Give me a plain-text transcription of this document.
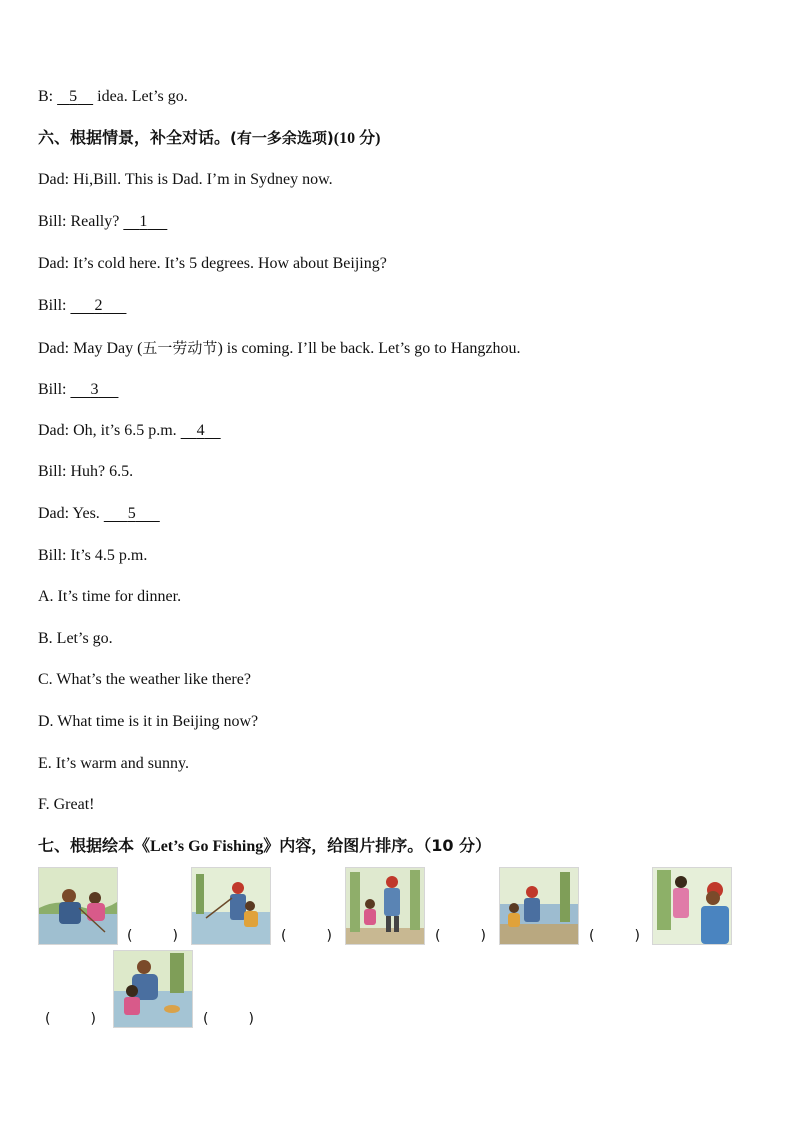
B: 5     idea. Let’s go.
六、根据情景，补全对话。(有一多余选项)(10 分)
Dad: Hi,Bill. This is Dad. I’m in Sydney now.
Bill: Really? 1
Dad: It’s cold here. It’s 5 degrees. How about Beijing?
Bill: 2
Dad: May Day (五一劳动节) is coming. I’ll be back. Let’s go to Hangzhou.
Bill: 3
Dad: Oh, it’s 6.5 p.m. 4
Bill: Huh? 6.5.
Dad: Yes. 5
Bill: It’s 4.5 p.m.
A. It’s time for dinner.
B. Let’s go.
C. What’s the weather like there?
D. What time is it in Beijing now?
E. It’s warm and sunny.
F. Great!
七、根据绘本《Let’s Go Fishing》内容，给图片排序。（10 分）
(         )	(         )	(         )	(         )
(         )	(         )
